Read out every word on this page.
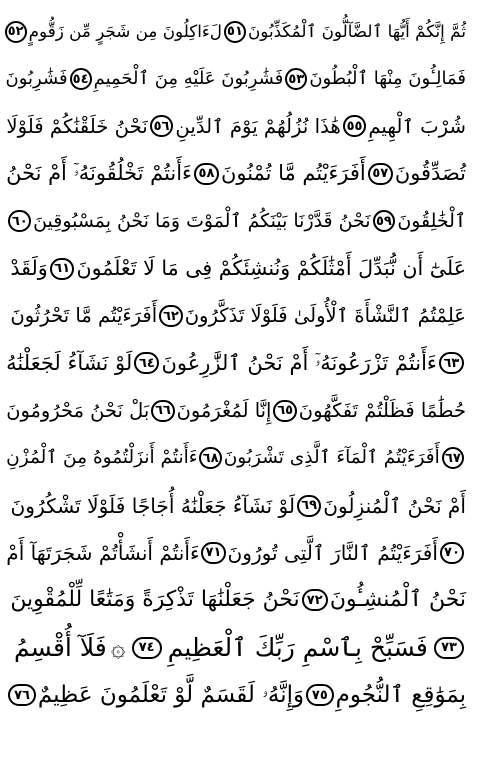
ثُمَّ إِنَّكُمْ أَيُّهَا ٱلضَّآلُّونَ ٱلْمُكَذِّبُونَ
٥١
لَءَاكِلُونَ مِن شَجَرٍ مِّن زَقُّومٍ
٥٢
فَمَالِـُٔونَ مِنْهَا ٱلْبُطُونَ
٥٣
فَشَٰرِبُونَ عَلَيْهِ مِنَ ٱلْحَمِيمِ
٥٤
فَشَٰرِبُونَ
شُرْبَ ٱلْهِيمِ
٥٥
هَٰذَا نُزُلُهُمْ يَوْمَ ٱلدِّينِ
٥٦
نَحْنُ خَلَقْنَٰكُمْ فَلَوْلَا
تُصَدِّقُونَ
٥٧
أَفَرَءَيْتُم مَّا تُمْنُونَ
٥٨
ءَأَنتُمْ تَخْلُقُونَهُۥٓ أَمْ نَحْنُ
ٱلْخَٰلِقُونَ
٥٩
نَحْنُ قَدَّرْنَا بَيْنَكُمُ ٱلْمَوْتَ وَمَا نَحْنُ بِمَسْبُوقِينَ
٦٠
عَلَىٰٓ أَن نُّبَدِّلَ أَمْثَٰلَكُمْ وَنُنشِئَكُمْ فِى مَا لَا تَعْلَمُونَ
٦١
وَلَقَدْ
عَلِمْتُمُ ٱلنَّشْأَةَ ٱلْأُولَىٰ فَلَوْلَا تَذَكَّرُونَ
٦٢
أَفَرَءَيْتُم مَّا تَحْرُثُونَ
٦٣
ءَأَنتُمْ تَزْرَعُونَهُۥٓ أَمْ نَحْنُ ٱلزَّٰرِعُونَ
٦٤
لَوْ نَشَآءُ لَجَعَلْنَٰهُ
حُطَٰمًا فَظَلْتُمْ تَفَكَّهُونَ
٦٥
إِنَّا لَمُغْرَمُونَ
٦٦
بَلْ نَحْنُ مَحْرُومُونَ
٦٧
أَفَرَءَيْتُمُ ٱلْمَآءَ ٱلَّذِى تَشْرَبُونَ
٦٨
ءَأَنتُمْ أَنزَلْتُمُوهُ مِنَ ٱلْمُزْنِ
أَمْ نَحْنُ ٱلْمُنزِلُونَ
٦٩
لَوْ نَشَآءُ جَعَلْنَٰهُ أُجَاجًا فَلَوْلَا تَشْكُرُونَ
٧٠
أَفَرَءَيْتُمُ ٱلنَّارَ ٱلَّتِى تُورُونَ
٧١
ءَأَنتُمْ أَنشَأْتُمْ شَجَرَتَهَآ أَمْ
نَحْنُ ٱلْمُنشِـُٔونَ
٧٢
نَحْنُ جَعَلْنَٰهَا تَذْكِرَةً وَمَتَٰعًا لِّلْمُقْوِينَ
٧٣
فَسَبِّحْ بِٱسْمِ رَبِّكَ ٱلْعَظِيمِ
٧٤
۞
فَلَآ أُقْسِمُ
بِمَوَٰقِعِ ٱلنُّجُومِ
٧٥
وَإِنَّهُۥ لَقَسَمٌ لَّوْ تَعْلَمُونَ عَظِيمٌ
٧٦
